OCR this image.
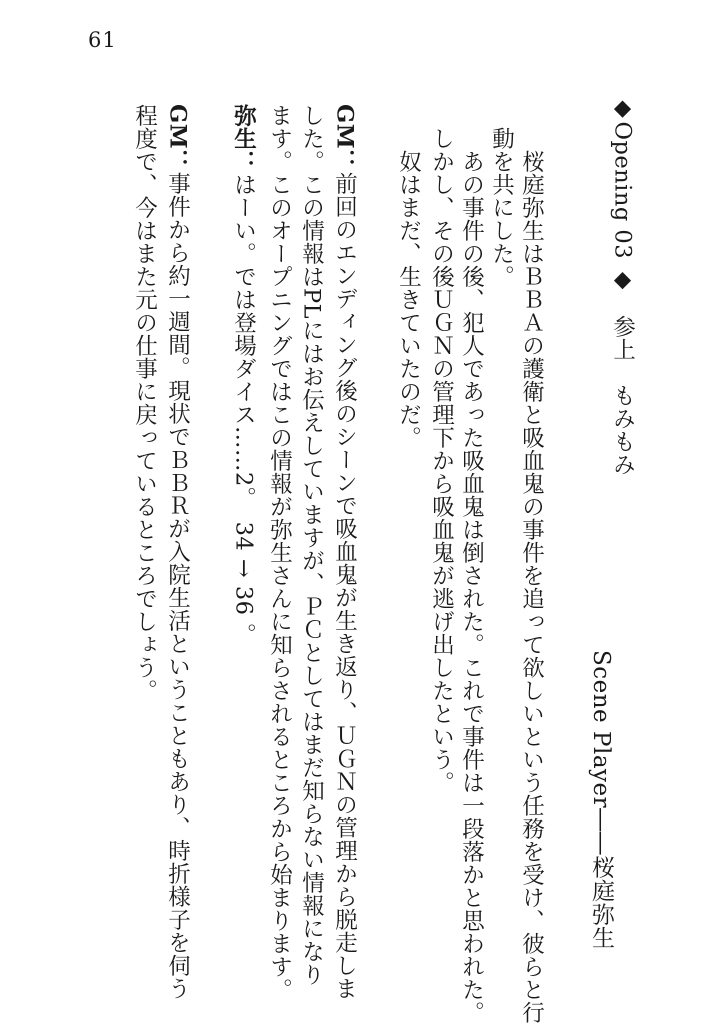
61
◆Opening 03 ◆参上　もみもみ
Scene Player――桜庭弥生
桜庭弥生はＢＢＡの護衛と吸血鬼の事件を追って欲しいという任務を受け、彼らと行
動を共にした。
あの事件の後、犯人であった吸血鬼は倒された。これで事件は一段落かと思われた。
しかし、その後ＵＧＮの管理下から吸血鬼が逃げ出したという。
奴はまだ、生きていたのだ。
GM：前回のエンディング後のシーンで吸血鬼が生き返り、ＵＧＮの管理から脱走しま
した。この情報はPLにはお伝えしていますが、ＰＣとしてはまだ知らない情報になり
ます。このオープニングではこの情報が弥生さんに知らされるところから始まります。
弥生：はーい。では登場ダイス……2。　34 → 36 。
GM：事件から約一週間。現状でＢＢＲが入院生活ということもあり、時折様子を伺う
程度で、今はまた元の仕事に戻っているところでしょう。
